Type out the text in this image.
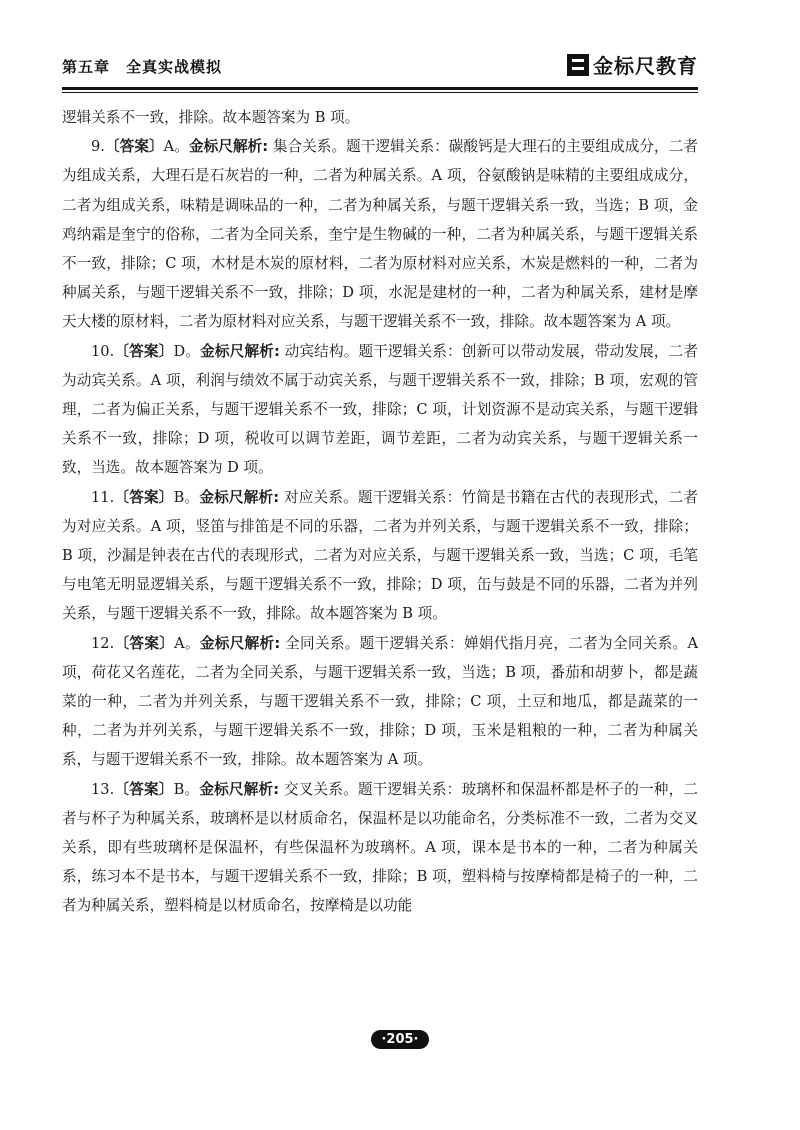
第五章　全真实战模拟	金标尺教育

逻辑关系不一致，排除。故本题答案为 B 项。

9.〔答案〕A。金标尺解析: 集合关系。题干逻辑关系：碳酸钙是大理石的主要组成成分，二者为组成关系，大理石是石灰岩的一种，二者为种属关系。A 项，谷氨酸钠是味精的主要组成成分，二者为组成关系，味精是调味品的一种，二者为种属关系，与题干逻辑关系一致，当选；B 项，金鸡纳霜是奎宁的俗称，二者为全同关系，奎宁是生物碱的一种，二者为种属关系，与题干逻辑关系不一致，排除；C 项，木材是木炭的原材料，二者为原材料对应关系，木炭是燃料的一种，二者为种属关系，与题干逻辑关系不一致，排除；D 项，水泥是建材的一种，二者为种属关系，建材是摩天大楼的原材料，二者为原材料对应关系，与题干逻辑关系不一致，排除。故本题答案为 A 项。

10.〔答案〕D。金标尺解析: 动宾结构。题干逻辑关系：创新可以带动发展，带动发展，二者为动宾关系。A 项，利润与绩效不属于动宾关系，与题干逻辑关系不一致，排除；B 项，宏观的管理，二者为偏正关系，与题干逻辑关系不一致，排除；C 项，计划资源不是动宾关系，与题干逻辑关系不一致，排除；D 项，税收可以调节差距，调节差距，二者为动宾关系，与题干逻辑关系一致，当选。故本题答案为 D 项。

11.〔答案〕B。金标尺解析: 对应关系。题干逻辑关系：竹简是书籍在古代的表现形式，二者为对应关系。A 项，竖笛与排笛是不同的乐器，二者为并列关系，与题干逻辑关系不一致，排除；B 项，沙漏是钟表在古代的表现形式，二者为对应关系，与题干逻辑关系一致，当选；C 项，毛笔与电笔无明显逻辑关系，与题干逻辑关系不一致，排除；D 项，缶与鼓是不同的乐器，二者为并列关系，与题干逻辑关系不一致，排除。故本题答案为 B 项。

12.〔答案〕A。金标尺解析: 全同关系。题干逻辑关系：婵娟代指月亮，二者为全同关系。A 项，荷花又名莲花，二者为全同关系，与题干逻辑关系一致，当选；B 项，番茄和胡萝卜，都是蔬菜的一种，二者为并列关系，与题干逻辑关系不一致，排除；C 项，土豆和地瓜，都是蔬菜的一种，二者为并列关系，与题干逻辑关系不一致，排除；D 项，玉米是粗粮的一种，二者为种属关系，与题干逻辑关系不一致，排除。故本题答案为 A 项。

13.〔答案〕B。金标尺解析: 交叉关系。题干逻辑关系：玻璃杯和保温杯都是杯子的一种，二者与杯子为种属关系，玻璃杯是以材质命名，保温杯是以功能命名，分类标准不一致，二者为交叉关系，即有些玻璃杯是保温杯，有些保温杯为玻璃杯。A 项，课本是书本的一种，二者为种属关系，练习本不是书本，与题干逻辑关系不一致，排除；B 项，塑料椅与按摩椅都是椅子的一种，二者为种属关系，塑料椅是以材质命名，按摩椅是以功能

·205·
